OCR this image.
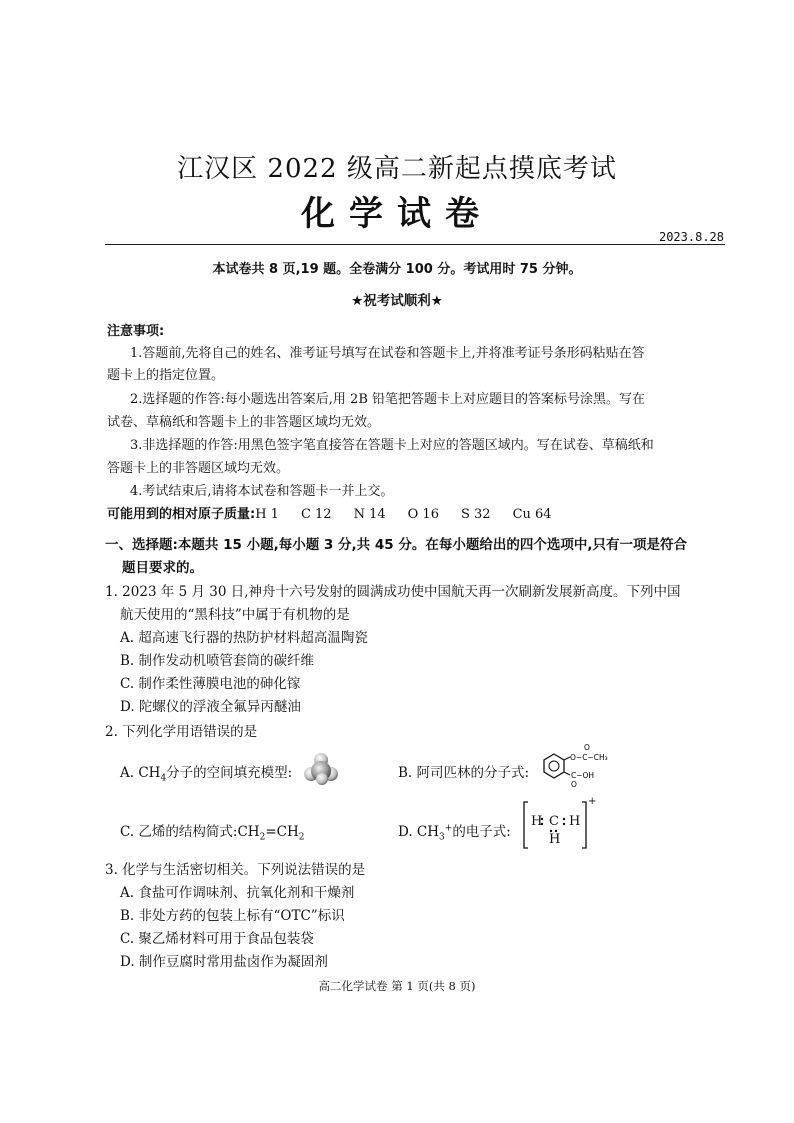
江汉区 2022 级高二新起点摸底考试
化学试卷
2023.8.28
本试卷共 8 页,19 题。全卷满分 100 分。考试用时 75 分钟。
★祝考试顺利★
注意事项:
1.答题前,先将自己的姓名、准考证号填写在试卷和答题卡上,并将准考证号条形码粘贴在答
题卡上的指定位置。
2.选择题的作答:每小题选出答案后,用 2B 铅笔把答题卡上对应题目的答案标号涂黑。写在
试卷、草稿纸和答题卡上的非答题区域均无效。
3.非选择题的作答:用黑色签字笔直接答在答题卡上对应的答题区域内。写在试卷、草稿纸和
答题卡上的非答题区域均无效。
4.考试结束后,请将本试卷和答题卡一并上交。
可能用到的相对原子质量:H 1 C 12 N 14 O 16 S 32 Cu 64
一、选择题:本题共 15 小题,每小题 3 分,共 45 分。在每小题给出的四个选项中,只有一项是符合
题目要求的。
1. 2023 年 5 月 30 日,神舟十六号发射的圆满成功使中国航天再一次刷新发展新高度。下列中国
航天使用的“黑科技”中属于有机物的是
A. 超高速飞行器的热防护材料超高温陶瓷
B. 制作发动机喷管套筒的碳纤维
C. 制作柔性薄膜电池的砷化镓
D. 陀螺仪的浮液全氟异丙醚油
2. 下列化学用语错误的是
A. $CH_4$分子的空间填充模型:	B. 阿司匹林的分子式:
O−C−CH₃
O
C−OH
O
C. 乙烯的结构简式$:CH_2=CH_2$	D. $CH_3^+$的电子式:
H C H
H
+
3. 化学与生活密切相关。下列说法错误的是
A. 食盐可作调味剂、抗氧化剂和干燥剂
B. 非处方药的包装上标有“OTC”标识
C. 聚乙烯材料可用于食品包装袋
D. 制作豆腐时常用盐卤作为凝固剂
高二化学试卷 第 1 页(共 8 页)
